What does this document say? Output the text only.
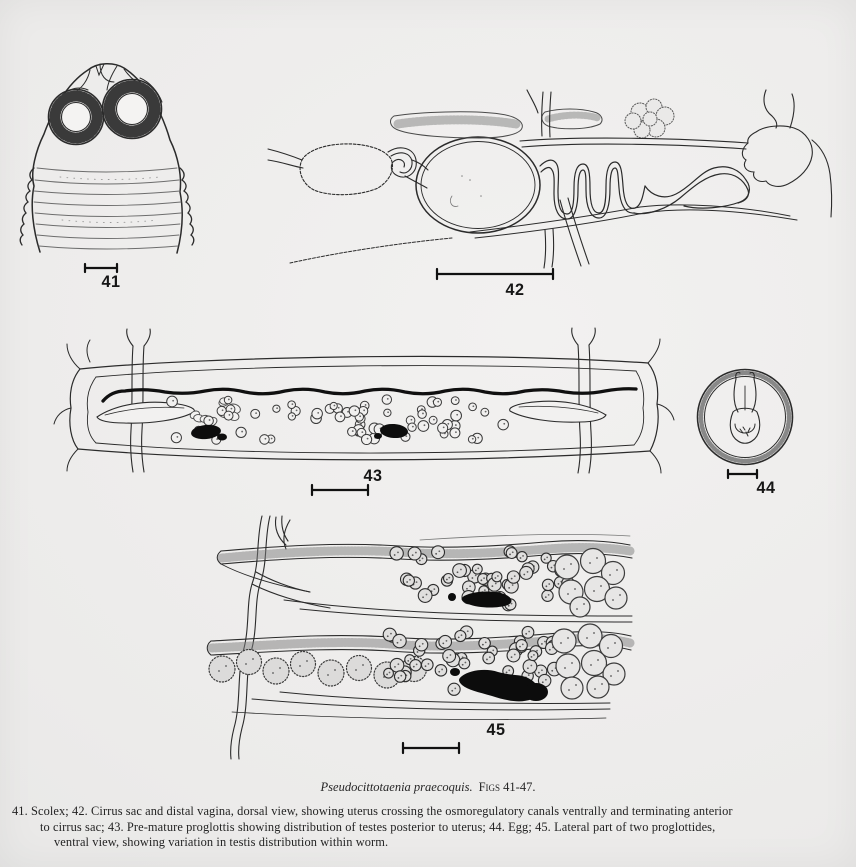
41	42
43
44
45
Pseudocittotaenia praecoquis. Figs 41-47.
41. Scolex; 42. Cirrus sac and distal vagina, dorsal view, showing uterus crossing the osmoregulatory canals ventrally and terminating anterior
to cirrus sac; 43. Pre-mature proglottis showing distribution of testes posterior to uterus; 44. Egg; 45. Lateral part of two proglottides,
ventral view, showing variation in testis distribution within worm.
